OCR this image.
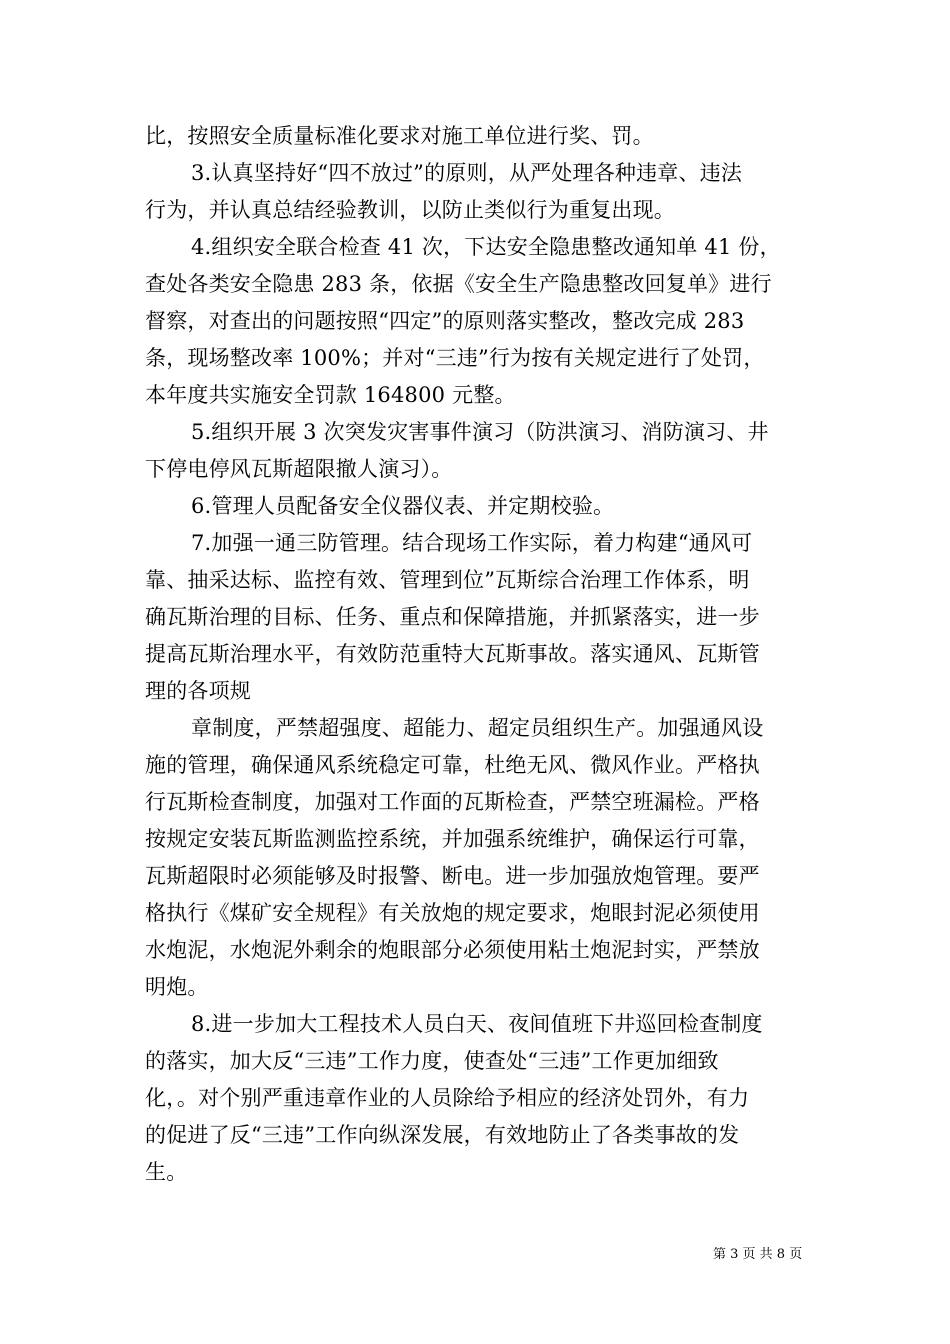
比，按照安全质量标准化要求对施工单位进行奖、罚。
3.认真坚持好“四不放过”的原则，从严处理各种违章、违法
行为，并认真总结经验教训，以防止类似行为重复出现。
4.组织安全联合检查 41 次，下达安全隐患整改通知单 41 份，
查处各类安全隐患 283 条，依据《安全生产隐患整改回复单》进行
督察，对查出的问题按照“四定”的原则落实整改，整改完成 283
条，现场整改率 100%；并对“三违”行为按有关规定进行了处罚，
本年度共实施安全罚款 164800 元整。
5.组织开展 3 次突发灾害事件演习（防洪演习、消防演习、井
下停电停风瓦斯超限撤人演习）。
6.管理人员配备安全仪器仪表、并定期校验。
7.加强一通三防管理。结合现场工作实际，着力构建“通风可
靠、抽采达标、监控有效、管理到位”瓦斯综合治理工作体系，明
确瓦斯治理的目标、任务、重点和保障措施，并抓紧落实，进一步
提高瓦斯治理水平，有效防范重特大瓦斯事故。落实通风、瓦斯管
理的各项规
章制度，严禁超强度、超能力、超定员组织生产。加强通风设
施的管理，确保通风系统稳定可靠，杜绝无风、微风作业。严格执
行瓦斯检查制度，加强对工作面的瓦斯检查，严禁空班漏检。严格
按规定安装瓦斯监测监控系统，并加强系统维护，确保运行可靠，
瓦斯超限时必须能够及时报警、断电。进一步加强放炮管理。要严
格执行《煤矿安全规程》有关放炮的规定要求，炮眼封泥必须使用
水炮泥，水炮泥外剩余的炮眼部分必须使用粘土炮泥封实，严禁放
明炮。
8.进一步加大工程技术人员白天、夜间值班下井巡回检查制度
的落实，加大反“三违”工作力度，使查处“三违”工作更加细致
化，。对个别严重违章作业的人员除给予相应的经济处罚外，有力
的促进了反“三违”工作向纵深发展，有效地防止了各类事故的发
生。
第 3 页 共 8 页
